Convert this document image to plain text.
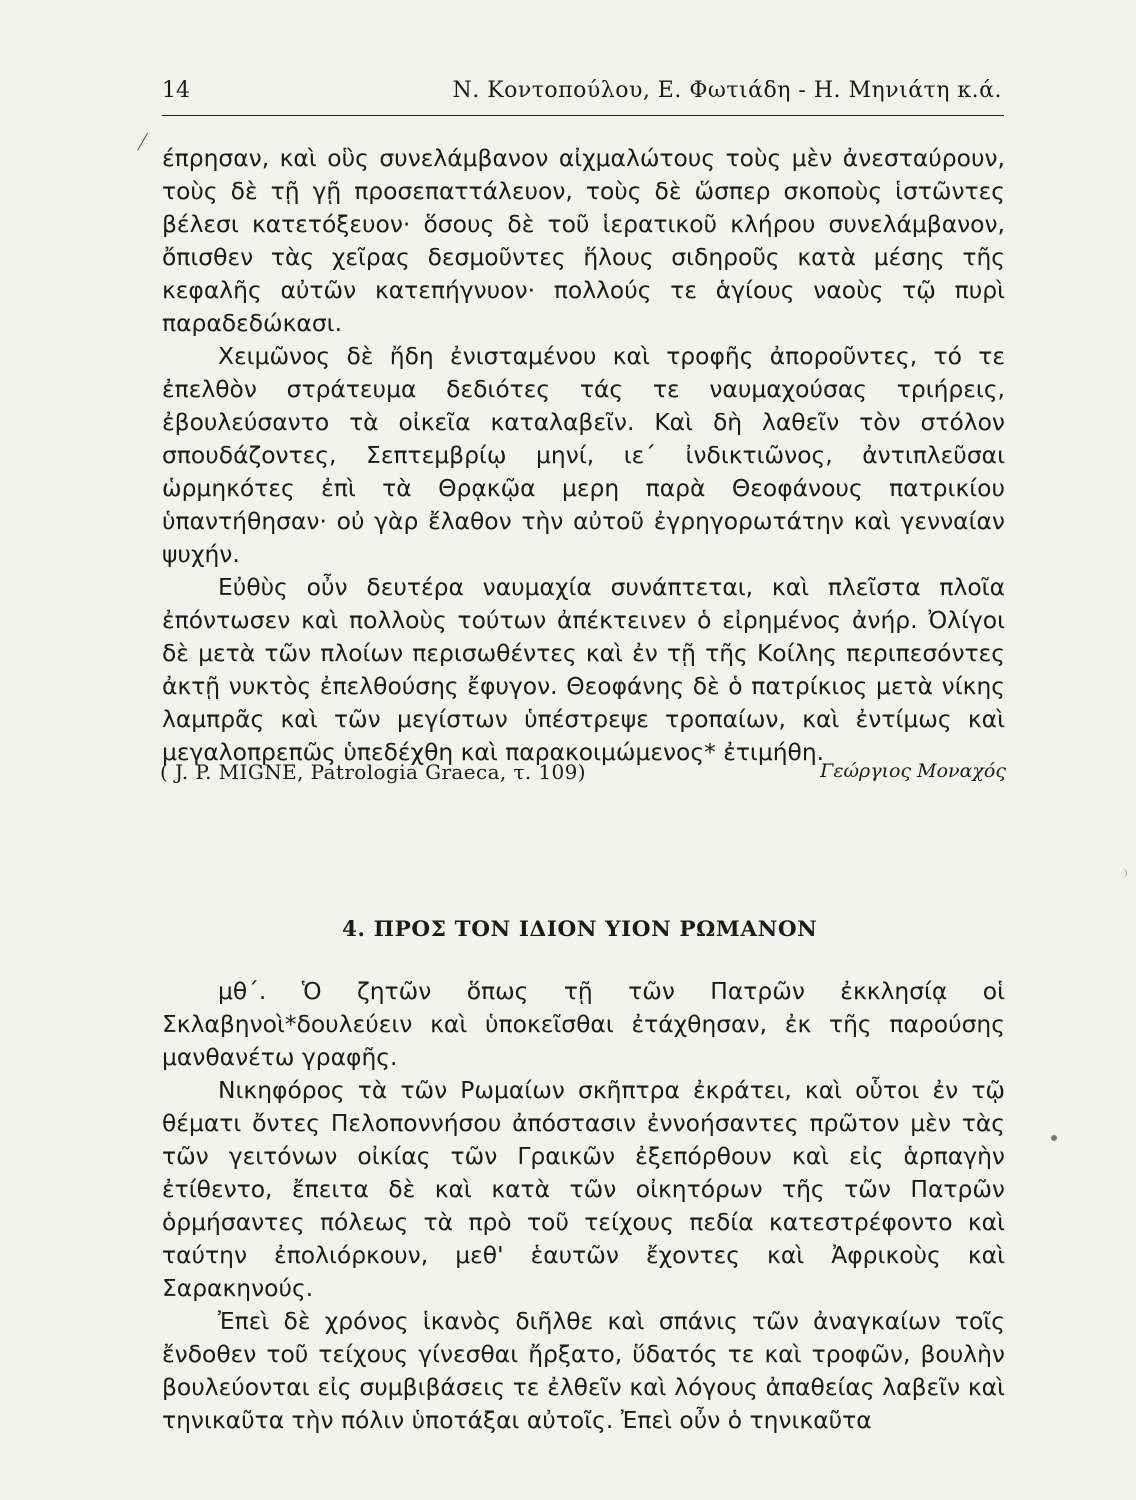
14	Ν. Κοντοπούλου, Ε. Φωτιάδη - Η. Μηνιάτη κ.ά.

έπρησαν, καὶ οὓς συνελάμβανον αἰχμαλώτους τοὺς μὲν ἀνεσταύρουν, τοὺς δὲ τῇ γῇ προσεπαττάλευον, τοὺς δὲ ὥσπερ σκοποὺς ἱστῶντες βέλεσι κατετόξευον· ὅσους δὲ τοῦ ἱερατικοῦ κλήρου συνελάμβανον, ὄπισθεν τὰς χεῖρας δεσμοῦντες ἥλους σιδηροῦς κατὰ μέσης τῆς κεφαλῆς αὐτῶν κατεπήγνυον· πολλούς τε ἁγίους ναοὺς τῷ πυρὶ παραδεδώκασι.

Χειμῶνος δὲ ἤδη ἐνισταμένου καὶ τροφῆς ἀποροῦντες, τό τε ἐπελθὸν στράτευμα δεδιότες τάς τε ναυμαχούσας τριήρεις, ἐβουλεύσαντο τὰ οἰκεῖα καταλαβεῖν. Καὶ δὴ λαθεῖν τὸν στόλον σπουδάζοντες, Σεπτεμβρίῳ μηνί, ιε΄ ἰνδικτιῶνος, ἀντιπλεῦσαι ὡρμηκότες ἐπὶ τὰ Θρᾳκῷα μερη παρὰ Θεοφάνους πατρικίου ὑπαντήθησαν· οὐ γὰρ ἔλαθον τὴν αὐτοῦ ἐγρηγορωτάτην καὶ γενναίαν ψυχήν.

Εὐθὺς οὖν δευτέρα ναυμαχία συνάπτεται, καὶ πλεῖστα πλοῖα ἐπόντωσεν καὶ πολλοὺς τούτων ἀπέκτεινεν ὁ εἰρημένος ἀνήρ. Ὀλίγοι δὲ μετὰ τῶν πλοίων περισωθέντες καὶ ἐν τῇ τῆς Κοίλης περιπεσόντες ἀκτῇ νυκτὸς ἐπελθούσης ἔφυγον. Θεοφάνης δὲ ὁ πατρίκιος μετὰ νίκης λαμπρᾶς καὶ τῶν μεγίστων ὑπέστρεψε τροπαίων, καὶ ἐντίμως καὶ μεγαλοπρεπῶς ὑπεδέχθη καὶ παρακοιμώμενος* ἐτιμήθη.

( J. P. MIGNE, Patrologia Graeca, τ. 109)	Γεώργιος Μοναχός
4. ΠΡΟΣ ΤΟΝ ΙΔΙΟΝ ΥΙΟΝ ΡΩΜΑΝΟΝ

μθ΄. Ὁ ζητῶν ὅπως τῇ τῶν Πατρῶν ἐκκλησίᾳ οἱ Σκλαβηνοὶ*δουλεύειν καὶ ὑποκεῖσθαι ἐτάχθησαν, ἐκ τῆς παρούσης μανθανέτω γραφῆς.

Νικηφόρος τὰ τῶν Ρωμαίων σκῆπτρα ἐκράτει, καὶ οὗτοι ἐν τῷ θέματι ὄντες Πελοποννήσου ἀπόστασιν ἐννοήσαντες πρῶτον μὲν τὰς τῶν γειτόνων οἰκίας τῶν Γραικῶν ἐξεπόρθουν καὶ εἰς ἁρπαγὴν ἐτίθεντο, ἔπειτα δὲ καὶ κατὰ τῶν οἰκητόρων τῆς τῶν Πατρῶν ὁρμήσαντες πόλεως τὰ πρὸ τοῦ τείχους πεδία κατεστρέφοντο καὶ ταύτην ἐπολιόρκουν, μεθ' ἑαυτῶν ἔχοντες καὶ Ἀφρικοὺς καὶ Σαρακηνούς.

Ἐπεὶ δὲ χρόνος ἱκανὸς διῆλθε καὶ σπάνις τῶν ἀναγκαίων τοῖς ἔνδοθεν τοῦ τείχους γίνεσθαι ἤρξατο, ὕδατός τε καὶ τροφῶν, βουλὴν βουλεύονται εἰς συμβιβάσεις τε ἐλθεῖν καὶ λόγους ἀπαθείας λαβεῖν καὶ τηνικαῦτα τὴν πόλιν ὑποτάξαι αὐτοῖς. Ἐπεὶ οὖν ὁ τηνικαῦτα
